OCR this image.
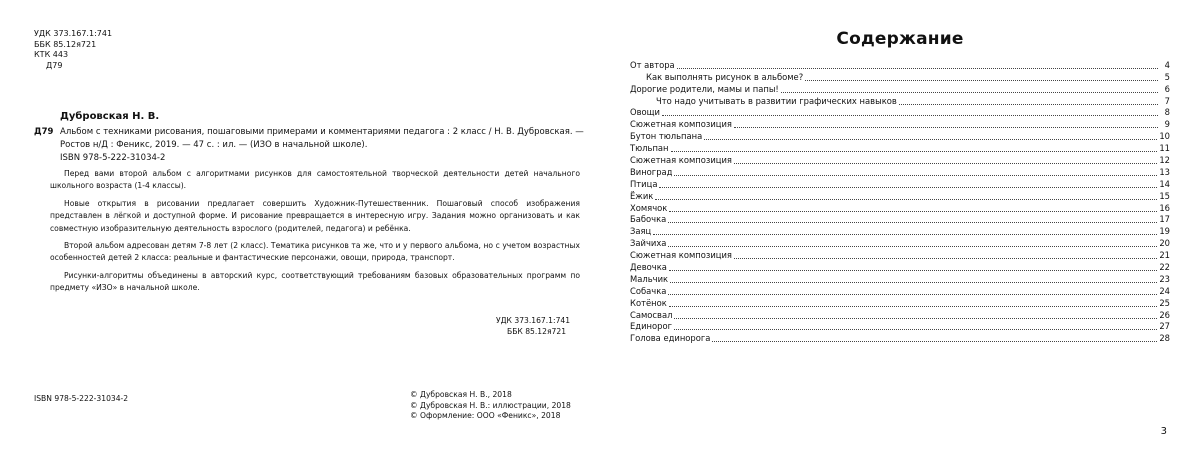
УДК 373.167.1:741
ББК 85.12я721
КТК 443
Д79
Дубровская Н. В.
Д79 Альбом с техниками рисования, пошаговыми примерами и комментариями педагога : 2 класс / Н. В. Дубровская. —
Ростов н/Д : Феникс, 2019. — 47 с. : ил. — (ИЗО в начальной школе).
ISBN 978-5-222-31034-2

Перед вами второй альбом с алгоритмами рисунков для самостоятельной творческой деятельности детей начального школьного возраста (1-4 классы).

Новые открытия в рисовании предлагает совершить Художник-Путешественник. Пошаговый способ изображения представлен в лёгкой и доступной форме. И рисование превращается в интересную игру. Задания можно организовать и как совместную изобразительную деятельность взрослого (родителей, педагога) и ребёнка.

Второй альбом адресован детям 7-8 лет (2 класс). Тематика рисунков та же, что и у первого альбома, но с учетом возрастных особенностей детей 2 класса: реальные и фантастические персонажи, овощи, природа, транспорт.

Рисунки-алгоритмы объединены в авторский курс, соответствующий требованиям базовых образовательных программ по предмету «ИЗО» в начальной школе.

УДК 373.167.1:741
ББК 85.12я721
ISBN 978-5-222-31034-2	© Дубровская Н. В., 2018
© Дубровская Н. В.: иллюстрации, 2018
© Оформление: ООО «Феникс», 2018
Содержание
От автора	4
Как выполнять рисунок в альбоме?	5
Дорогие родители, мамы и папы!	6
Что надо учитывать в развитии графических навыков	7
Овощи	8
Сюжетная композиция	9
Бутон тюльпана	10
Тюльпан	11
Сюжетная композиция	12
Виноград	13
Птица	14
Ёжик	15
Хомячок	16
Бабочка	17
Заяц	19
Зайчиха	20
Сюжетная композиция	21
Девочка	22
Мальчик	23
Собачка	24
Котёнок	25
Самосвал	26
Единорог	27
Голова единорога	28
3
